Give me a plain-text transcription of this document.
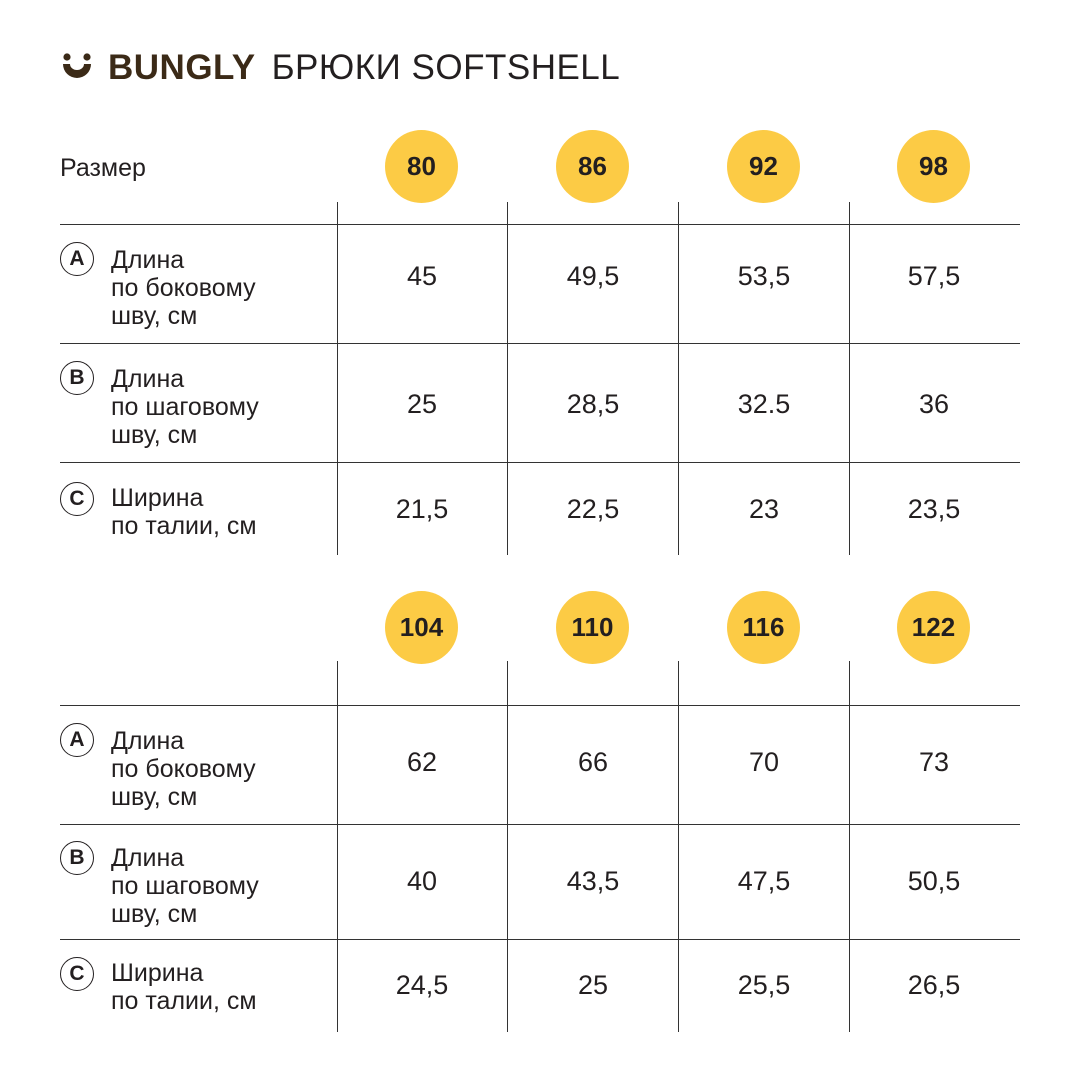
BUNGLY БРЮКИ SOFTSHELL
Размер	80	86	92	98
A	Длина
по боковому
шву, см
45	49,5	53,5	57,5
B	Длина
по шаговому
шву, см
25	28,5	32.5	36
C	Ширина
по талии, см
21,5	22,5	23	23,5
104	110	116	122
A	Длина
по боковому
шву, см
62	66	70	73
B	Длина
по шаговому
шву, см
40	43,5	47,5	50,5
C	Ширина
по талии, см
24,5	25	25,5	26,5
